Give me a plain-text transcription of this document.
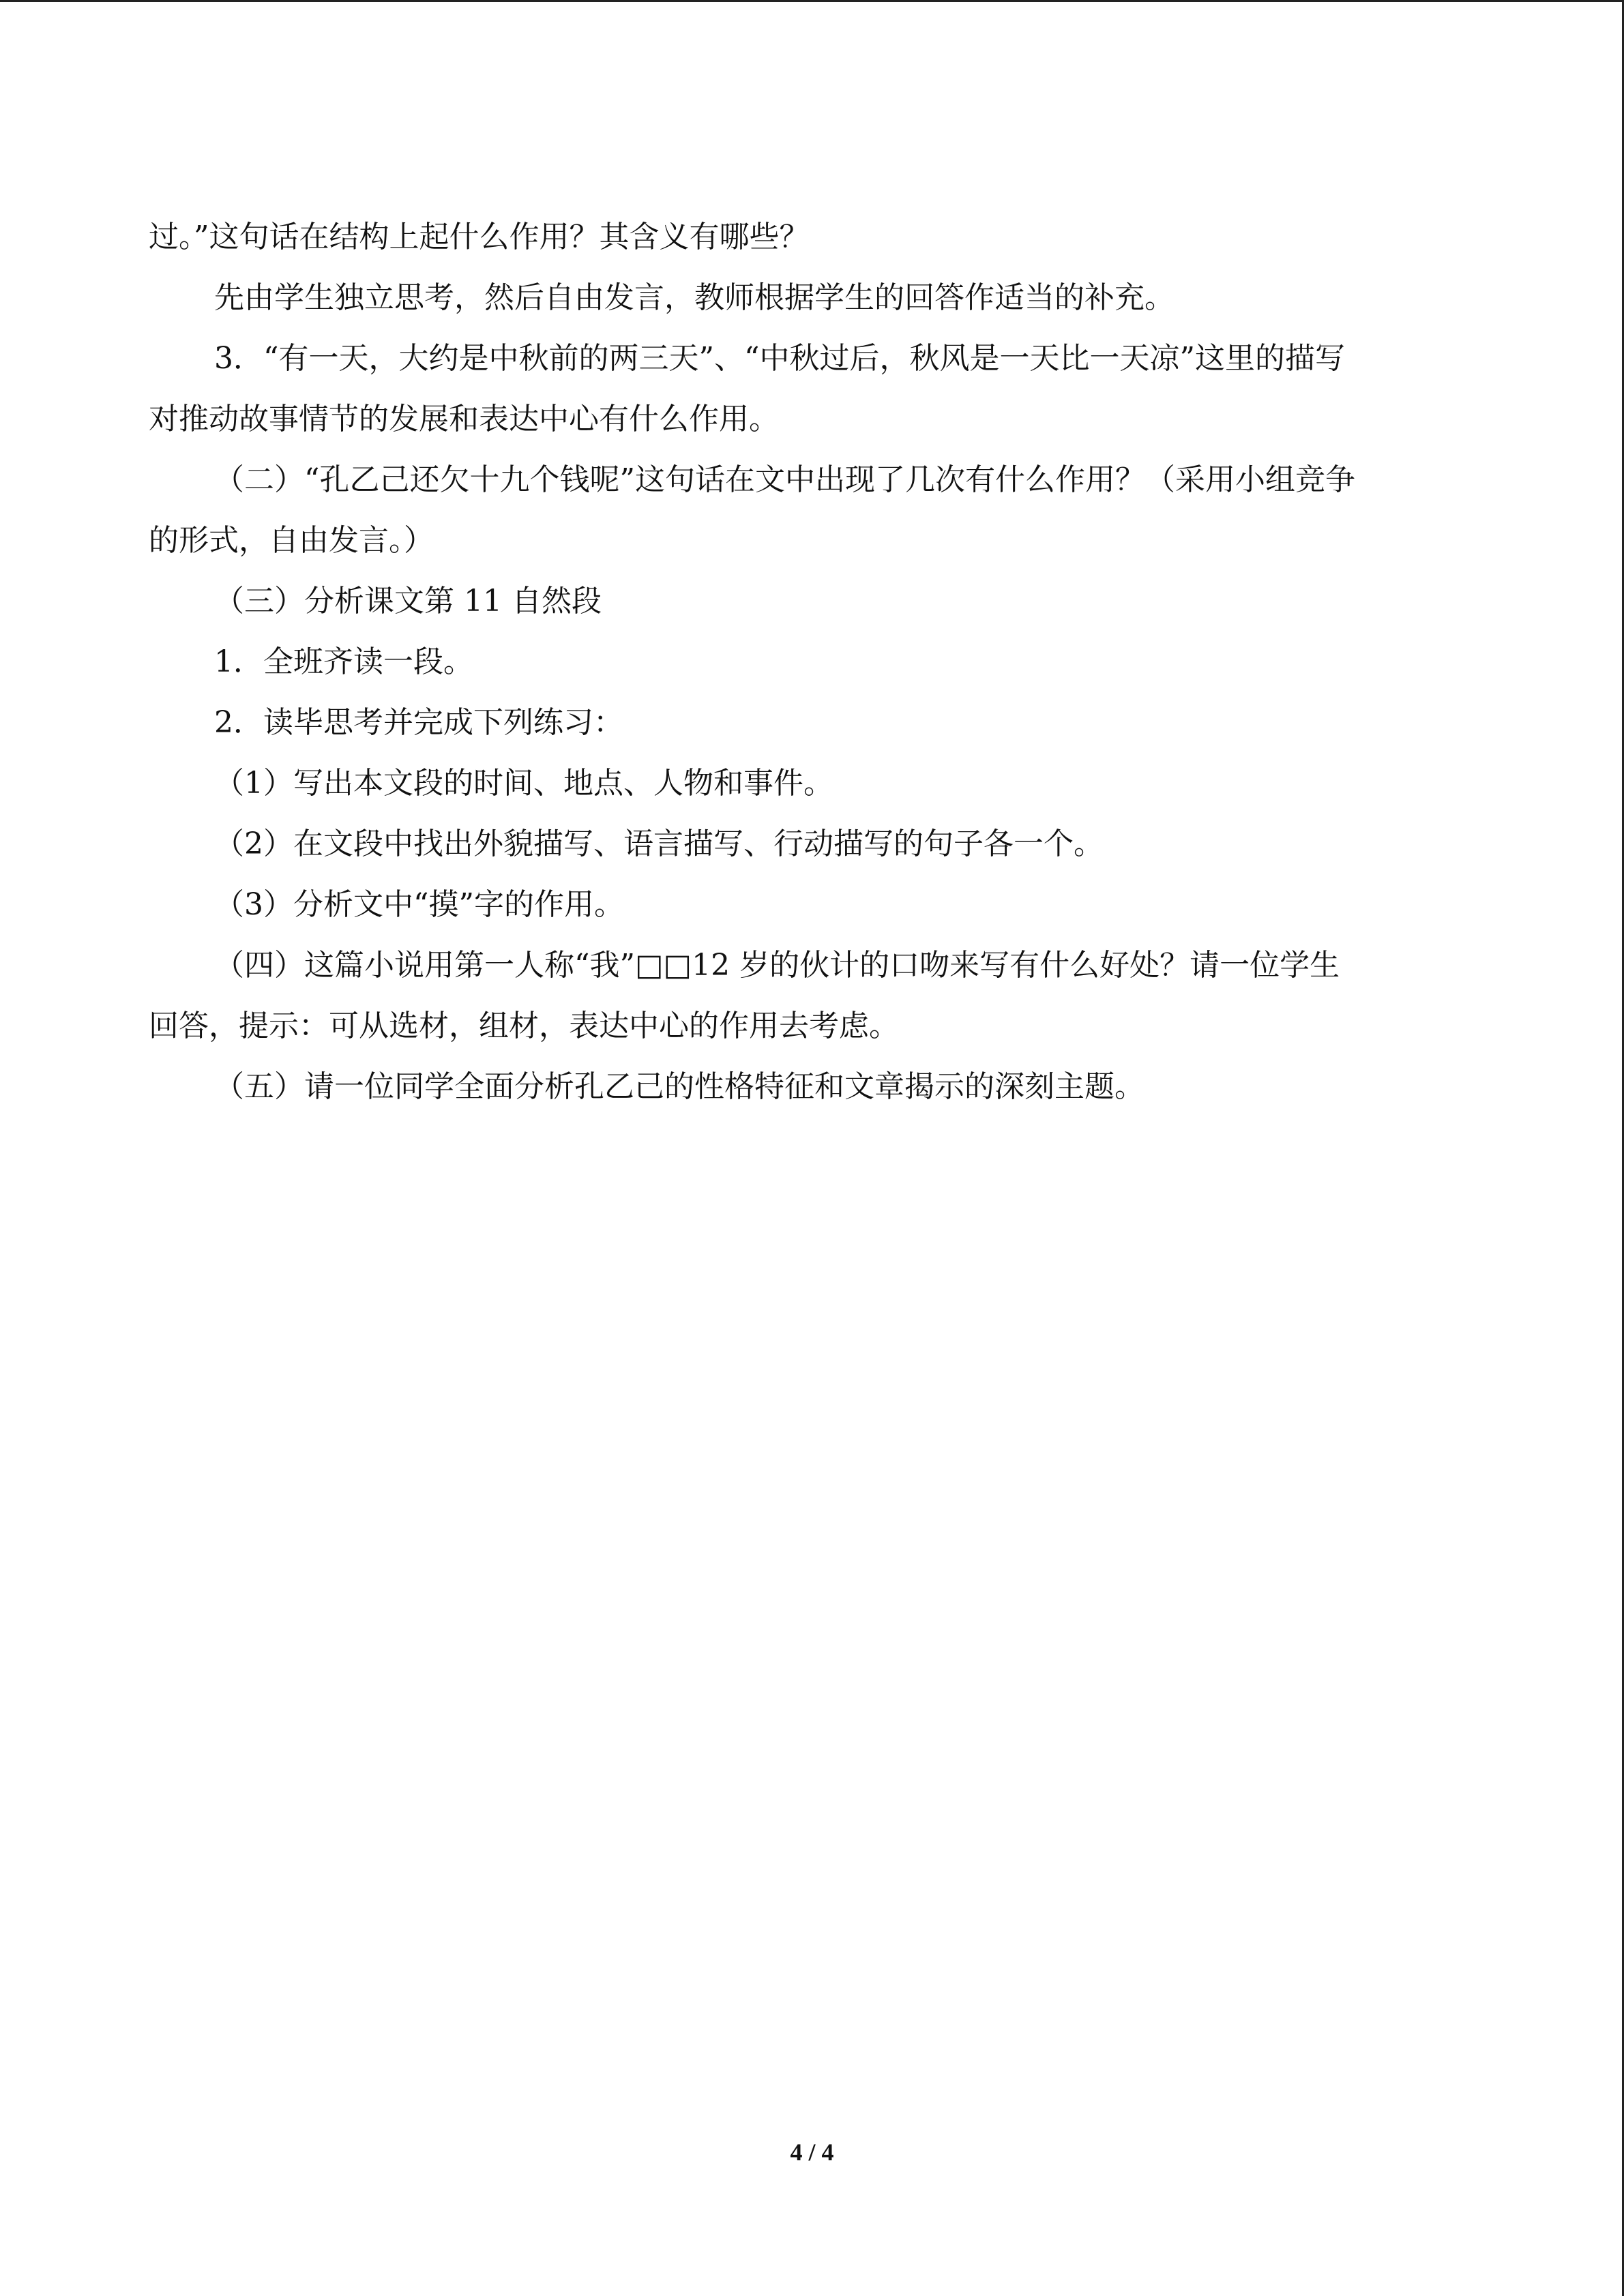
过。”这句话在结构上起什么作用？其含义有哪些？

先由学生独立思考，然后自由发言，教师根据学生的回答作适当的补充。

3．“有一天，大约是中秋前的两三天”、“中秋过后，秋风是一天比一天凉”这里的描写

对推动故事情节的发展和表达中心有什么作用。

（二）“孔乙己还欠十九个钱呢”这句话在文中出现了几次有什么作用？（采用小组竞争

的形式，自由发言。）

（三）分析课文第 11 自然段

1．全班齐读一段。

2．读毕思考并完成下列练习：

（1）写出本文段的时间、地点、人物和事件。

（2）在文段中找出外貌描写、语言描写、行动描写的句子各一个。

（3）分析文中“摸”字的作用。

（四）这篇小说用第一人称“我”□□12 岁的伙计的口吻来写有什么好处？请一位学生

回答，提示：可从选材，组材，表达中心的作用去考虑。

（五）请一位同学全面分析孔乙己的性格特征和文章揭示的深刻主题。

4 / 4
